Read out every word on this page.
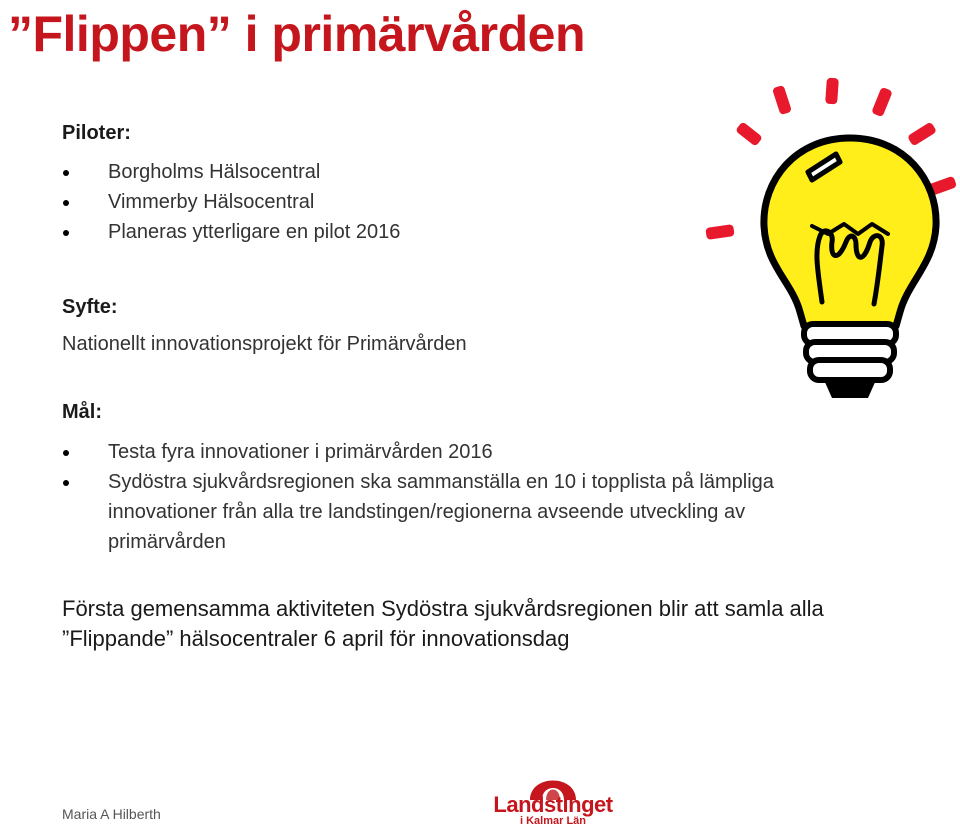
”Flippen” i primärvården

Piloter:

Borgholms Hälsocentral
Vimmerby Hälsocentral
Planeras ytterligare en pilot 2016

Syfte:

Nationellt innovationsprojekt för Primärvården

Mål:

Testa fyra innovationer i primärvården 2016
Sydöstra sjukvårdsregionen ska sammanställa en 10 i topplista på lämpliga innovationer från alla tre landstingen/regionerna avseende utveckling av primärvården

Första gemensamma aktiviteten Sydöstra sjukvårdsregionen blir att samla alla ”Flippande” hälsocentraler 6 april för innovationsdag

Maria A Hilberth	Landstinget
i Kalmar Län
